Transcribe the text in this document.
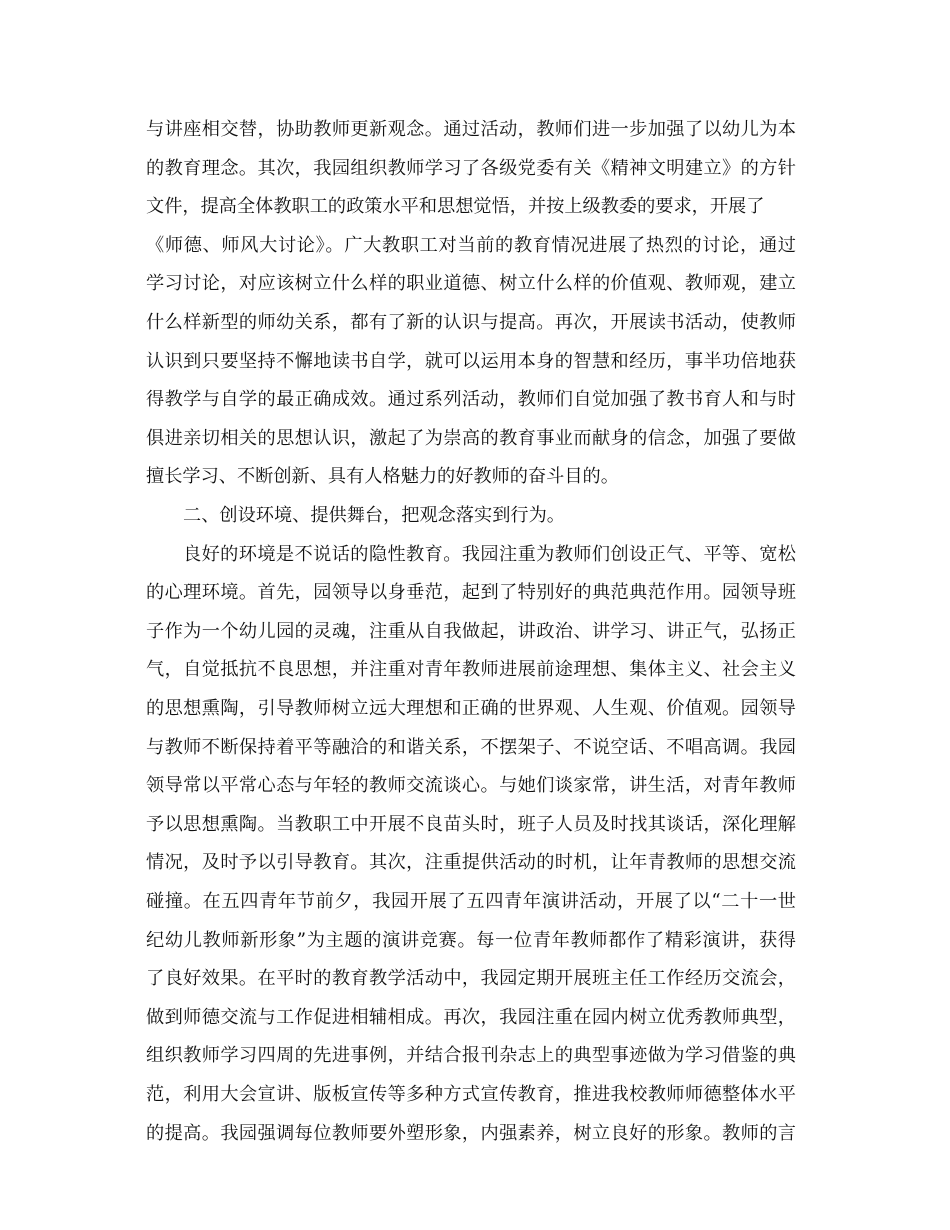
与讲座相交替，协助教师更新观念。通过活动，教师们进一步加强了以幼儿为本
的教育理念。其次，我园组织教师学习了各级党委有关《精神文明建立》的方针
文件，提高全体教职工的政策水平和思想觉悟，并按上级教委的要求，开展了
《师德、师风大讨论》。广大教职工对当前的教育情况进展了热烈的讨论，通过
学习讨论，对应该树立什么样的职业道德、树立什么样的价值观、教师观，建立
什么样新型的师幼关系，都有了新的认识与提高。再次，开展读书活动，使教师
认识到只要坚持不懈地读书自学，就可以运用本身的智慧和经历，事半功倍地获
得教学与自学的最正确成效。通过系列活动，教师们自觉加强了教书育人和与时
俱进亲切相关的思想认识，激起了为崇高的教育事业而献身的信念，加强了要做
擅长学习、不断创新、具有人格魅力的好教师的奋斗目的。
二、创设环境、提供舞台，把观念落实到行为。
良好的环境是不说话的隐性教育。我园注重为教师们创设正气、平等、宽松
的心理环境。首先，园领导以身垂范，起到了特别好的典范典范作用。园领导班
子作为一个幼儿园的灵魂，注重从自我做起，讲政治、讲学习、讲正气，弘扬正
气，自觉抵抗不良思想，并注重对青年教师进展前途理想、集体主义、社会主义
的思想熏陶，引导教师树立远大理想和正确的世界观、人生观、价值观。园领导
与教师不断保持着平等融洽的和谐关系，不摆架子、不说空话、不唱高调。我园
领导常以平常心态与年轻的教师交流谈心。与她们谈家常，讲生活，对青年教师
予以思想熏陶。当教职工中开展不良苗头时，班子人员及时找其谈话，深化理解
情况，及时予以引导教育。其次，注重提供活动的时机，让年青教师的思想交流
碰撞。在五四青年节前夕，我园开展了五四青年演讲活动，开展了以“二十一世
纪幼儿教师新形象”为主题的演讲竞赛。每一位青年教师都作了精彩演讲，获得
了良好效果。在平时的教育教学活动中，我园定期开展班主任工作经历交流会，
做到师德交流与工作促进相辅相成。再次，我园注重在园内树立优秀教师典型，
组织教师学习四周的先进事例，并结合报刊杂志上的典型事迹做为学习借鉴的典
范，利用大会宣讲、版板宣传等多种方式宣传教育，推进我校教师师德整体水平
的提高。我园强调每位教师要外塑形象，内强素养，树立良好的形象。教师的言
